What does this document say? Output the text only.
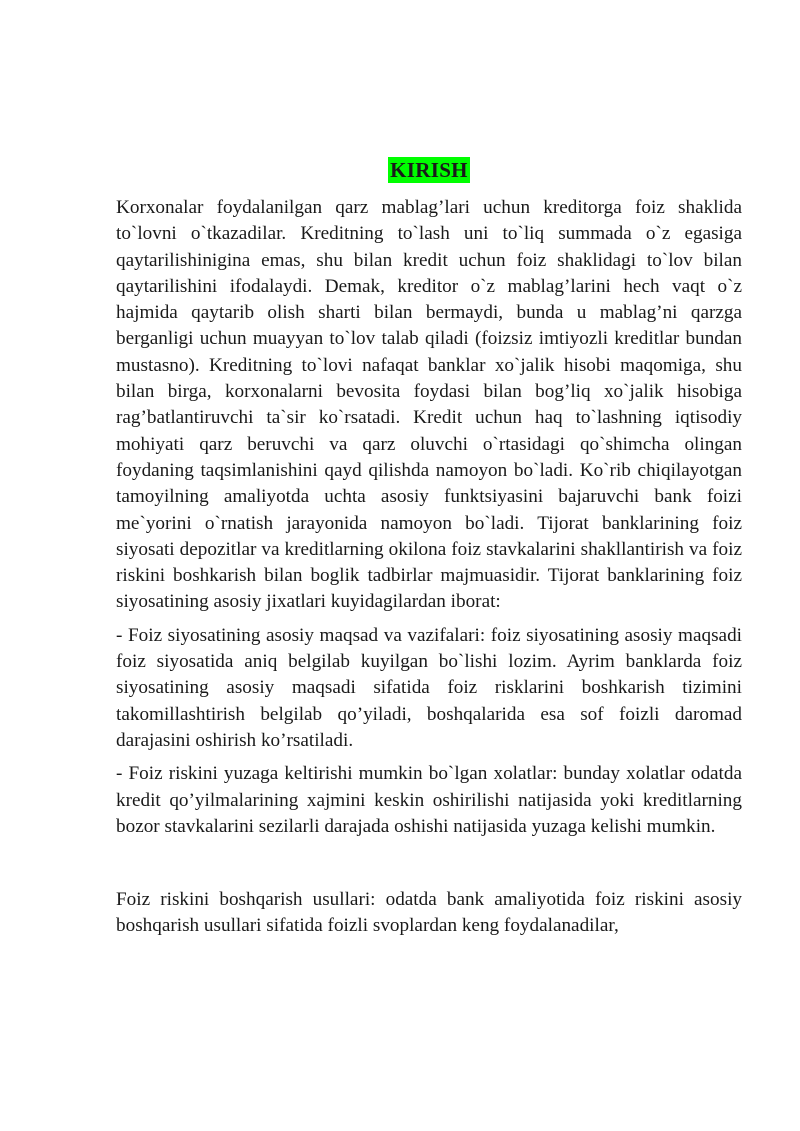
KIRISH

Korxonalar foydalanilgan qarz mablag’lari uchun kreditorga foiz shaklida to`lovni o`tkazadilar. Kreditning to`lash uni to`liq summada o`z egasiga qaytarilishinigina emas, shu bilan kredit uchun foiz shaklidagi to`lov bilan qaytarilishini ifodalaydi. Demak, kreditor o`z mablag’larini hech vaqt o`z hajmida qaytarib olish sharti bilan bermaydi, bunda u mablag’ni qarzga berganligi uchun muayyan to`lov talab qiladi (foizsiz imtiyozli kreditlar bundan mustasno). Kreditning to`lovi nafaqat banklar xo`jalik hisobi maqomiga, shu bilan birga, korxonalarni bevosita foydasi bilan bog’liq xo`jalik hisobiga rag’batlantiruvchi ta`sir ko`rsatadi. Kredit uchun haq to`lashning iqtisodiy mohiyati qarz beruvchi va qarz oluvchi o`rtasidagi qo`shimcha olingan foydaning taqsimlanishini qayd qilishda namoyon bo`ladi. Ko`rib chiqilayotgan tamoyilning amaliyotda uchta asosiy funktsiyasini bajaruvchi bank foizi me`yorini o`rnatish jarayonida namoyon bo`ladi. Tijorat banklarining foiz siyosati depozitlar va kreditlarning okilona foiz stavkalarini shakllantirish va foiz riskini boshkarish bilan boglik tadbirlar majmuasidir. Tijorat banklarining foiz siyosatining asosiy jixatlari kuyidagilardan iborat:

- Foiz siyosatining asosiy maqsad va vazifalari: foiz siyosatining asosiy maqsadi foiz siyosatida aniq belgilab kuyilgan bo`lishi lozim. Ayrim banklarda foiz siyosatining asosiy maqsadi sifatida foiz risklarini boshkarish tizimini takomillashtirish belgilab qo’yiladi, boshqalarida esa sof foizli daromad darajasini oshirish ko’rsatiladi.

- Foiz riskini yuzaga keltirishi mumkin bo`lgan xolatlar: bunday xolatlar odatda kredit qo’yilmalarining xajmini keskin oshirilishi natijasida yoki kreditlarning bozor stavkalarini sezilarli darajada oshishi natijasida yuzaga kelishi mumkin.

Foiz riskini boshqarish usullari: odatda bank amaliyotida foiz riskini asosiy boshqarish usullari sifatida foizli svoplardan keng foydalanadilar,
